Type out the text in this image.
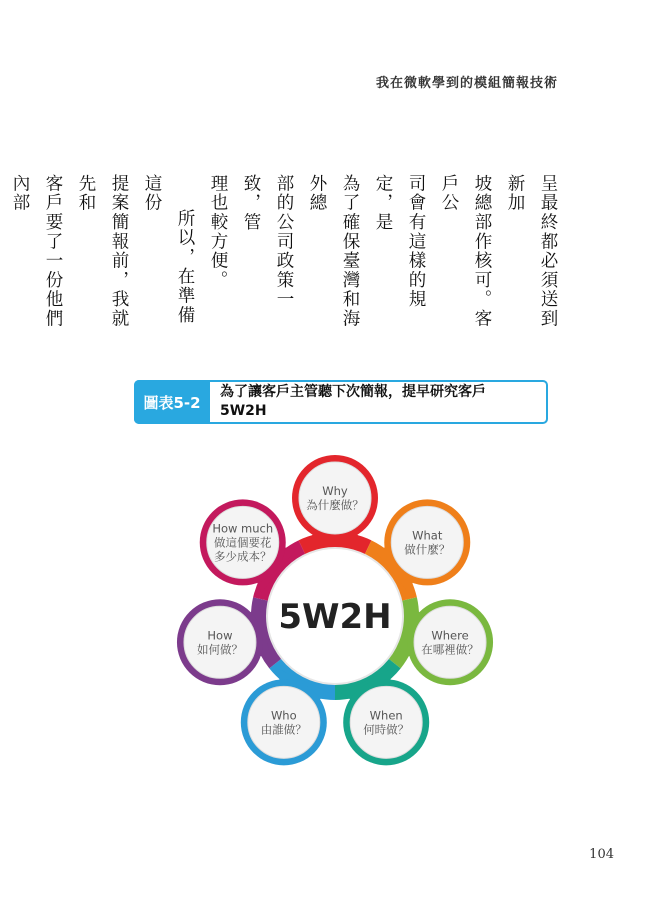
我在微軟學到的模組簡報技術

呈最終都必須送到新加

坡總部作核可。客戶公

司會有這樣的規定，是

為了確保臺灣和海外總

部的公司政策一致，管

理也較方便。

所以，在準備這份

提案簡報前，我就先和

客戶要了一份他們內部

圖表5-2
為了讓客戶主管聽下次簡報，提早研究客戶
5W2H
Why
為什麼做？
What
做什麼？
Where
在哪裡做？
When
何時做？
Who
由誰做？
How
如何做？
How much
做這個要花
多少成本？
5W2H
104
